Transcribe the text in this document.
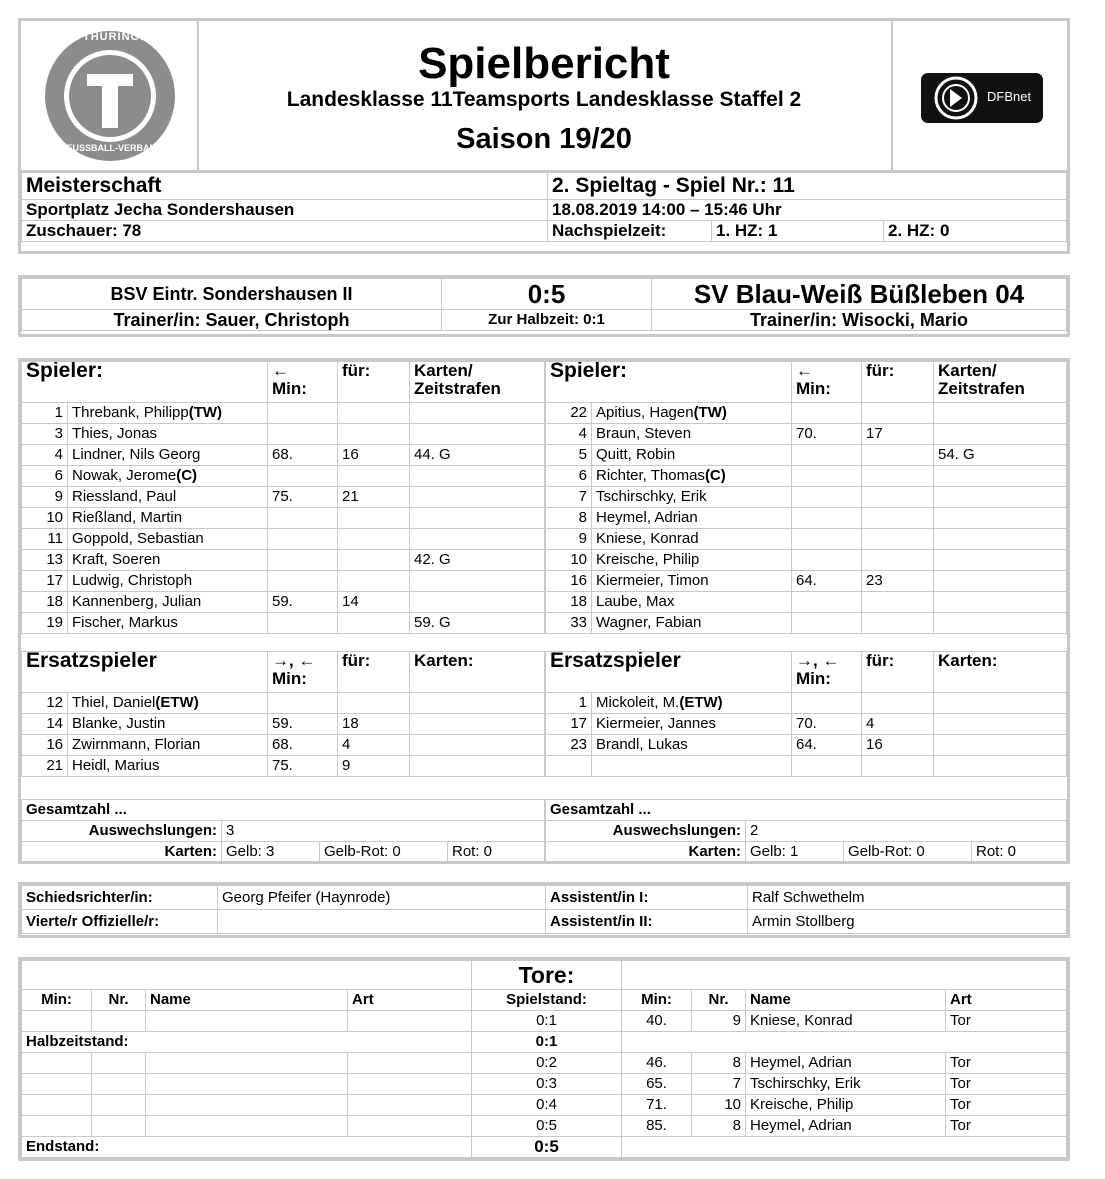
THÜRINGER
FUSSBALL-VERBAND
Spielbericht
Landesklasse 11Teamsports Landesklasse Staffel 2
Saison 19/20
DFBnet
Meisterschaft	2. Spieltag - Spiel Nr.: 11		
Sportplatz Jecha Sondershausen	18.08.2019 14:00 – 15:46 Uhr		
Zuschauer: 78	Nachspielzeit:	1. HZ: 1	2. HZ: 0
BSV Eintr. Sondershausen II	0:5	SV Blau-Weiß Büßleben 04
Trainer/in: Sauer, Christoph	Zur Halbzeit: 0:1	Trainer/in: Wisocki, Mario
Spieler:		←
Min:	für:	Karten/
Zeitstrafen
1	Threbank, Philipp(TW)			
3	Thies, Jonas			
4	Lindner, Nils Georg	68.	16	44. G
6	Nowak, Jerome(C)			
9	Riessland, Paul	75.	21	
10	Rießland, Martin			
11	Goppold, Sebastian			
13	Kraft, Soeren			42. G
17	Ludwig, Christoph			
18	Kannenberg, Julian	59.	14	
19	Fischer, Markus			59. G
Spieler:		←
Min:	für:	Karten/
Zeitstrafen
22	Apitius, Hagen(TW)			
4	Braun, Steven	70.	17	
5	Quitt, Robin			54. G
6	Richter, Thomas(C)			
7	Tschirschky, Erik			
8	Heymel, Adrian			
9	Kniese, Konrad			
10	Kreische, Philip			
16	Kiermeier, Timon	64.	23	
18	Laube, Max			
33	Wagner, Fabian			
Ersatzspieler		→, ←
Min:	für:	Karten:
12	Thiel, Daniel(ETW)			
14	Blanke, Justin	59.	18	
16	Zwirnmann, Florian	68.	4	
21	Heidl, Marius	75.	9	
Ersatzspieler		→, ←
Min:	für:	Karten:
1	Mickoleit, M.(ETW)			
17	Kiermeier, Jannes	70.	4	
23	Brandl, Lukas	64.	16	

Gesamtzahl ...			
Auswechslungen:	3		
Karten:	Gelb: 3	Gelb-Rot: 0	Rot: 0
Gesamtzahl ...			
Auswechslungen:	2		
Karten:	Gelb: 1	Gelb-Rot: 0	Rot: 0
Schiedsrichter/in:	Georg Pfeifer (Haynrode)	Assistent/in I:	Ralf Schwethelm
Vierte/r Offizielle/r:		Assistent/in II:	Armin Stollberg
				Tore:				
Min:	Nr.	Name	Art	Spielstand:	Min:	Nr.	Name	Art
				0:1	40.	9	Kniese, Konrad	Tor
Halbzeitstand:				0:1				
				0:2	46.	8	Heymel, Adrian	Tor
				0:3	65.	7	Tschirschky, Erik	Tor
				0:4	71.	10	Kreische, Philip	Tor
				0:5	85.	8	Heymel, Adrian	Tor
Endstand:				0:5				
